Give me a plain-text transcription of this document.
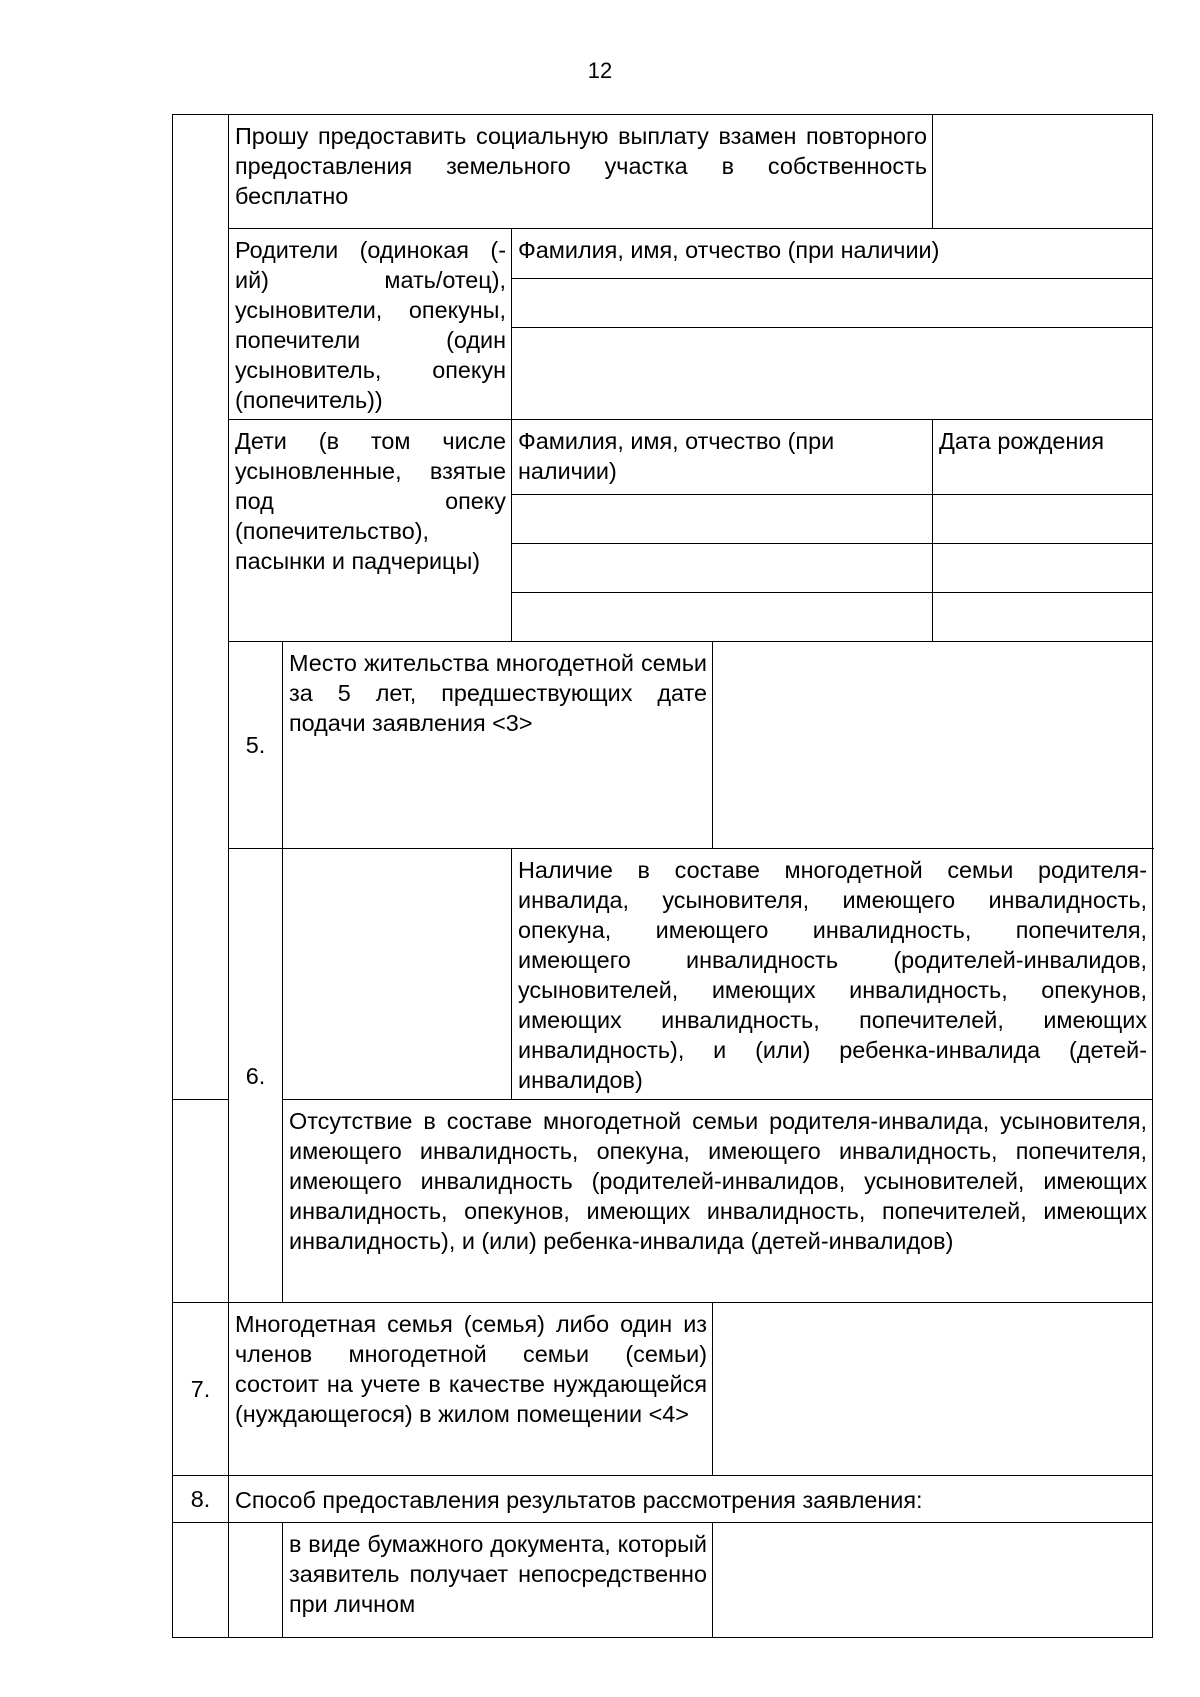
12
	Прошу предоставить социальную выплату взамен повторного предоставления земельного участка в собственность бесплатно				
	Родители (одинокая (-ий) мать/отец), усыновители, опекуны, попечители (один усыновитель, опекун (попечитель))		Фамилия, имя, отчество (при наличии)		

	Дети (в том числе усыновленные, взятые под опеку (попечительство), пасынки и падчерицы)		Фамилия, имя, отчество (при наличии)		Дата рождения

	5.	Место жительства многодетной семьи за 5 лет, предшествующих дате подачи заявления <3>			
	6.		Наличие в составе многодетной семьи родителя-инвалида, усыновителя, имеющего инвалидность, опекуна, имеющего инвалидность, попечителя, имеющего инвалидность (родителей-инвалидов, усыновителей, имеющих инвалидность, опекунов, имеющих инвалидность, попечителей, имеющих инвалидность), и (или) ребенка-инвалида (детей-инвалидов)		
		Отсутствие в составе многодетной семьи родителя-инвалида, усыновителя, имеющего инвалидность, опекуна, имеющего инвалидность, попечителя, имеющего инвалидность (родителей-инвалидов, усыновителей, имеющих инвалидность, опекунов, имеющих инвалидность, попечителей, имеющих инвалидность), и (или) ребенка-инвалида (детей-инвалидов)			
7.	Многодетная семья (семья) либо один из членов многодетной семьи (семьи) состоит на учете в качестве нуждающейся (нуждающегося) в жилом помещении <4>				
8.	Способ предоставления результатов рассмотрения заявления:				
		в виде бумажного документа, который заявитель получает непосредственно при личном			
